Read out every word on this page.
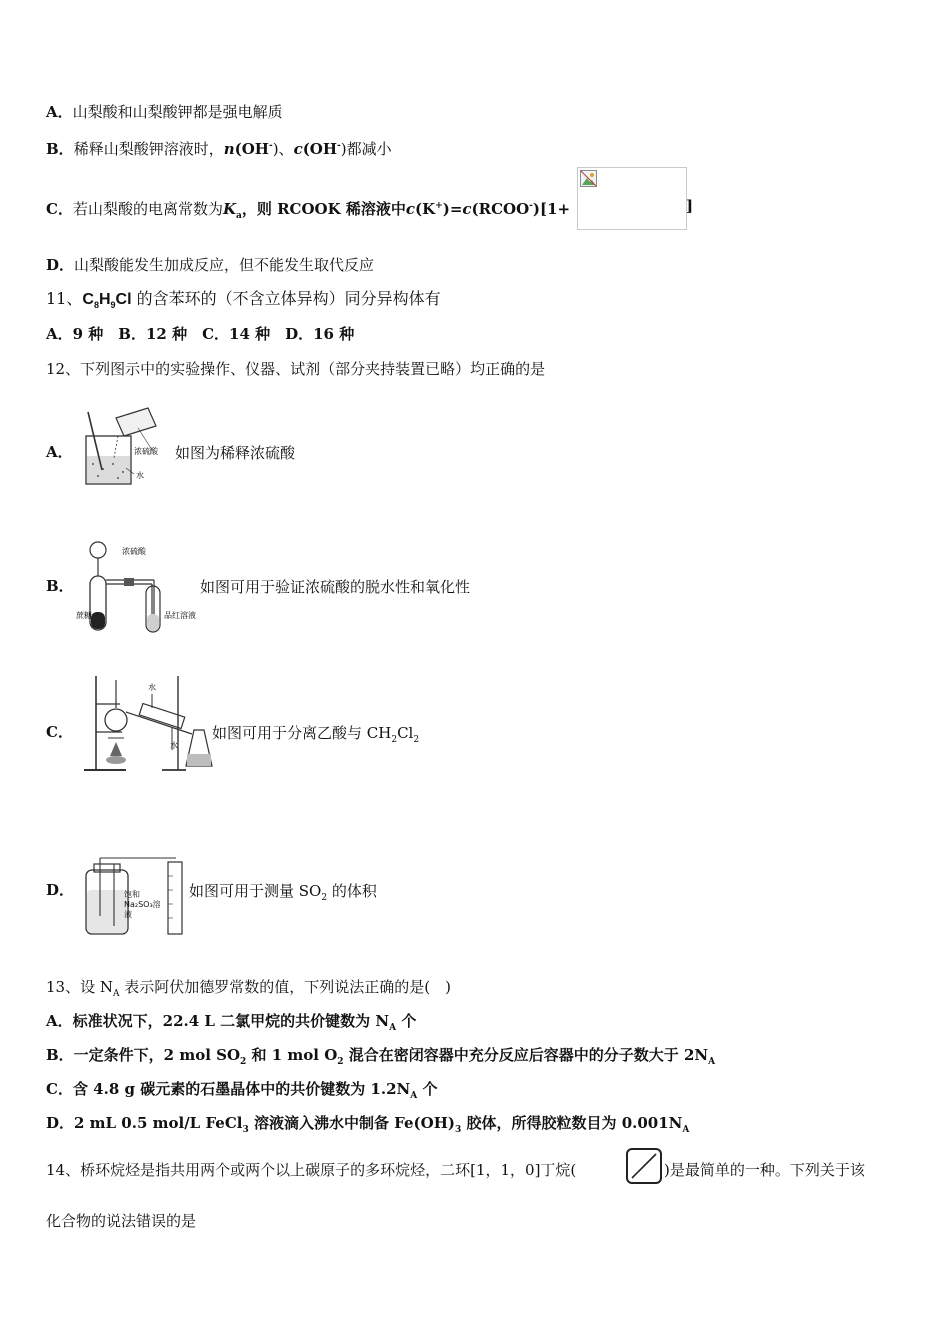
A．山梨酸和山梨酸钾都是强电解质
B．稀释山梨酸钾溶液时，n(OH-)、c(OH-)都减小
C．若山梨酸的电离常数为$K_a$，则 RCOOK 稀溶液中c(K+)=c(RCOO-)[1+	]
D．山梨酸能发生加成反应，但不能发生取代反应
11、$C_8H_9Cl$ 的含苯环的（不含立体异构）同分异构体有
A．9 种　B．12 种　C．14 种　D．16 种
12、下列图示中的实验操作、仪器、试剂（部分夹持装置已略）均正确的是
A．	浓硫酸
水
如图为稀释浓硫酸
B．
浓硫酸
蔗糖	品红溶液
如图可用于验证浓硫酸的脱水性和氧化性
C．
水
水
如图可用于分离乙酸与 $CH_2Cl_2$
D．	饱和Na₂SO₃溶液
如图可用于测量 $SO_2$ 的体积
13、设 $N_A$ 表示阿伏加德罗常数的值，下列说法正确的是(　)
A．标准状况下，22.4 L 二氯甲烷的共价键数为 $N_A$ 个
B．一定条件下，2 mol $SO_2$ 和 1 mol $O_2$ 混合在密闭容器中充分反应后容器中的分子数大于 $2N_A$
C．含 4.8 g 碳元素的石墨晶体中的共价键数为 $1.2N_A$ 个
D．2 mL 0.5 mol/L FeCl$_3$ 溶液滴入沸水中制备 $Fe(OH)_3$ 胶体，所得胶粒数目为 $0.001N_A$
14、桥环烷烃是指共用两个或两个以上碳原子的多环烷烃，二环[1，1，0]丁烷(	)是最简单的一种。下列关于该
化合物的说法错误的是
